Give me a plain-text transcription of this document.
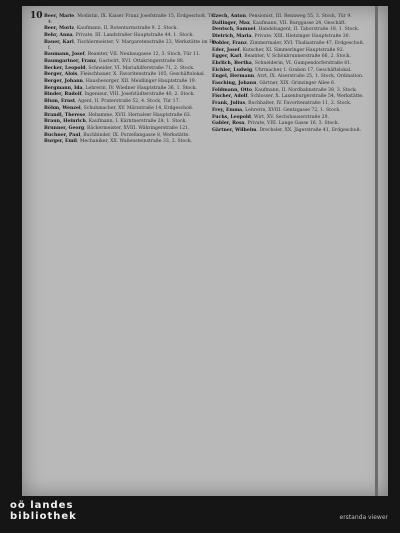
10 Beer, Marie, Modistin, IX. Kaiser Franz Josefstraße 15, Erdgeschoß, Tür 4.

Beer, Moriz, Kaufmann, II. Rotenturmstraße 9, 2. Stock.

Behr, Anna, Private, III. Landstraßer Hauptstraße 44, 1. Stock.

Bauer, Karl, Tischlermeister, V. Margaretenstraße 23, Werkstätte im Hof.

Baumann, Josef, Beamter, VII. Neubaugasse 12, 3. Stock, Tür 11.

Baumgartner, Franz, Gastwirt, XVI. Ottakringerstraße 88.

Becker, Leopold, Schneider, VI. Mariahilferstraße 71, 2. Stock.

Berger, Alois, Fleischhauer, X. Favoritenstraße 105, Geschäftslokal.

Berger, Johann, Hausbesorger, XII. Meidlinger Hauptstraße 19.

Bergmann, Ida, Lehrerin, IV. Wiedner Hauptstraße 36, 1. Stock.

Binder, Rudolf, Ingenieur, VIII. Josefstädterstraße 40, 2. Stock.

Blum, Ernst, Agent, II. Praterstraße 52, 4. Stock, Tür 17.

Böhm, Wenzel, Schuhmacher, XV. Märzstraße 14, Erdgeschoß.

Brandl, Therese, Hebamme, XVII. Hernalser Hauptstraße 63.

Braun, Heinrich, Kaufmann, I. Kärntnerstraße 28, 1. Stock.

Brunner, Georg, Bäckermeister, XVIII. Währingerstraße 121.

Buchner, Paul, Buchbinder, IX. Porzellangasse 8, Werkstätte.

Burger, Emil, Mechaniker, XX. Wallensteinstraße 33, 2. Stock.

Czech, Anton, Pensionist, III. Rennweg 55, 3. Stock, Tür 9.

Dallinger, Max, Kaufmann, VII. Burggasse 24, Geschäft.

Deutsch, Samuel, Handelsagent, II. Taborstraße 18, 1. Stock.

Dietrich, Maria, Private, XIII. Hietzinger Hauptstraße 30.

Dobler, Franz, Zimmermaler, XVI. Thaliastraße 47, Erdgeschoß.

Eder, Josef, Kutscher, XI. Simmeringer Hauptstraße 92.

Egger, Karl, Beamter, V. Schönbrunnerstraße 66, 2. Stock.

Ehrlich, Bertha, Schneiderin, VI. Gumpendorferstraße 81.

Eichler, Ludwig, Uhrmacher, I. Graben 17, Geschäftslokal.

Engel, Hermann, Arzt, IX. Alserstraße 25, 1. Stock, Ordination.

Fasching, Johann, Gärtner, XIX. Grinzinger Allee 6.

Feldmann, Otto, Kaufmann, II. Nordbahnstraße 38, 3. Stock.

Fischer, Adolf, Schlosser, X. Laxenburgerstraße 54, Werkstätte.

Frank, Julius, Buchhalter, IV. Favoritenstraße 11, 2. Stock.

Frey, Emma, Lehrerin, XVIII. Gentzgasse 72, 1. Stock.

Fuchs, Leopold, Wirt, XV. Sechshauserstraße 29.

Gabler, Rosa, Private, VIII. Lange Gasse 16, 3. Stock.

Gärtner, Wilhelm, Drechsler, XX. Jägerstraße 41, Erdgeschoß.

oö landes
bibliothek	erstanda viewer
